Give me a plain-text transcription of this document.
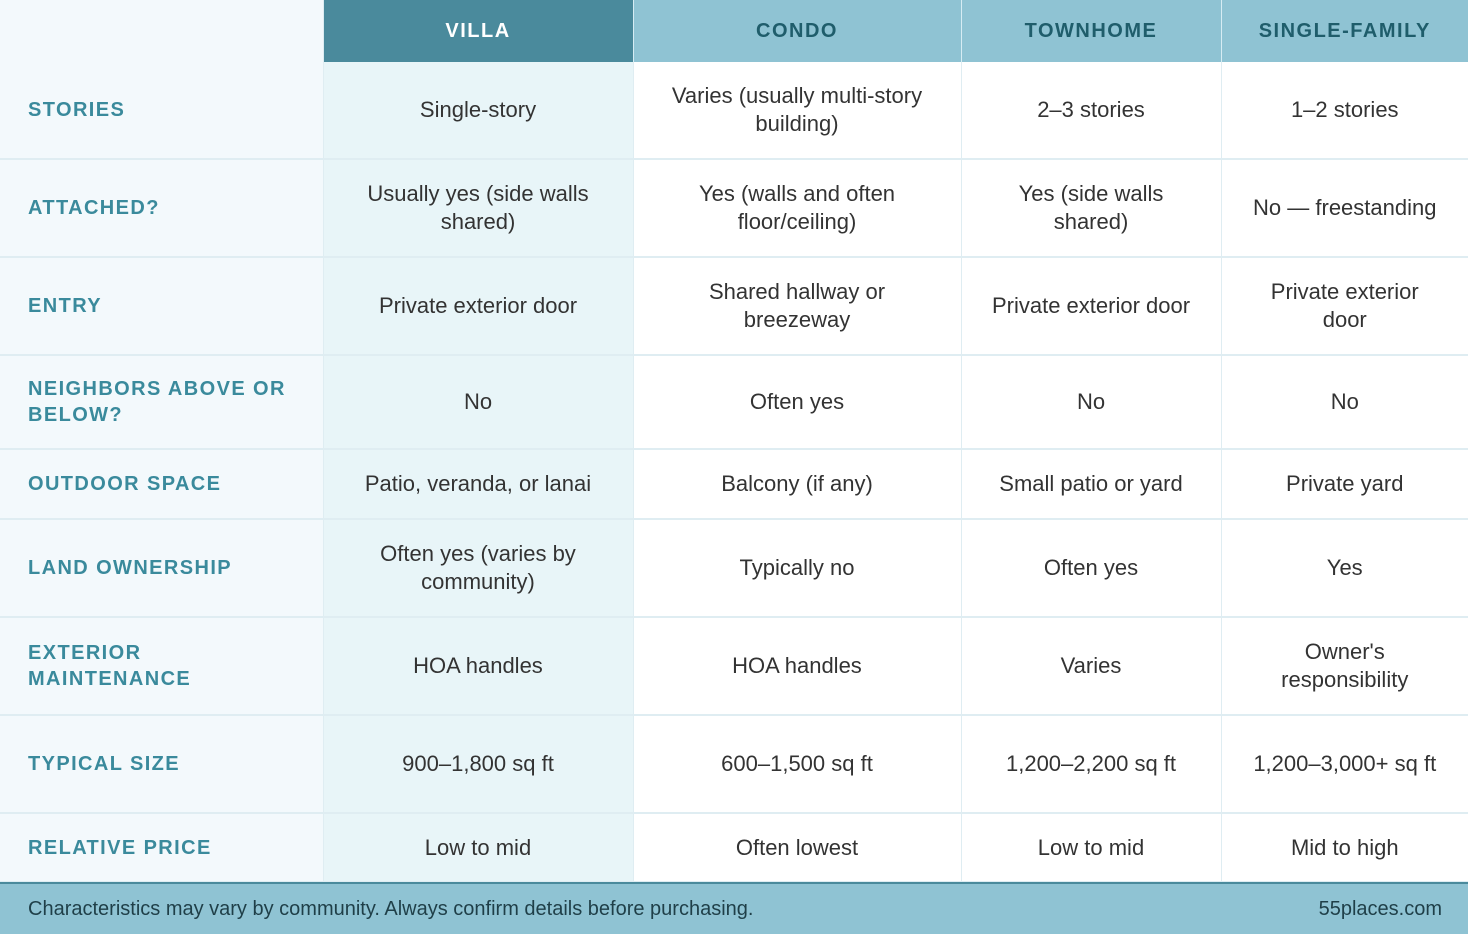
	VILLA	CONDO	TOWNHOME	SINGLE-FAMILY
STORIES	Single-story	Varies (usually multi-story building)	2–3 stories	1–2 stories
ATTACHED?	Usually yes (side walls shared)	Yes (walls and often floor/ceiling)	Yes (side walls shared)	No — freestanding
ENTRY	Private exterior door	Shared hallway or breezeway	Private exterior door	Private exterior door
NEIGHBORS ABOVE OR BELOW?	No	Often yes	No	No
OUTDOOR SPACE	Patio, veranda, or lanai	Balcony (if any)	Small patio or yard	Private yard
LAND OWNERSHIP	Often yes (varies by community)	Typically no	Often yes	Yes
EXTERIOR MAINTENANCE	HOA handles	HOA handles	Varies	Owner's responsibility
TYPICAL SIZE	900–1,800 sq ft	600–1,500 sq ft	1,200–2,200 sq ft	1,200–3,000+ sq ft
RELATIVE PRICE	Low to mid	Often lowest	Low to mid	Mid to high
Characteristics may vary by community. Always confirm details before purchasing.	55places.com
